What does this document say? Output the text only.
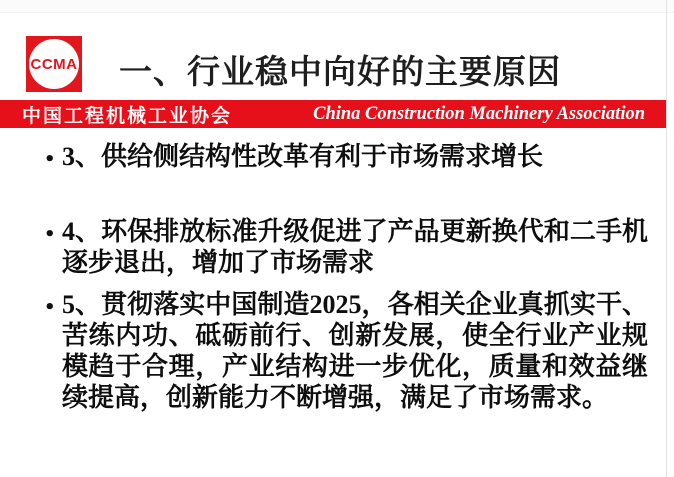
CCMA	一、行业稳中向好的主要原因
中国工程机械工业协会	China Construction Machinery Association
• 3、供给侧结构性改革有利于市场需求增长
• 4、环保排放标准升级促进了产品更新换代和二手机逐步退出，增加了市场需求
• 5、贯彻落实中国制造2025，各相关企业真抓实干、苦练内功、砥砺前行、创新发展，使全行业产业规模趋于合理，产业结构进一步优化，质量和效益继续提高，创新能力不断增强，满足了市场需求。
